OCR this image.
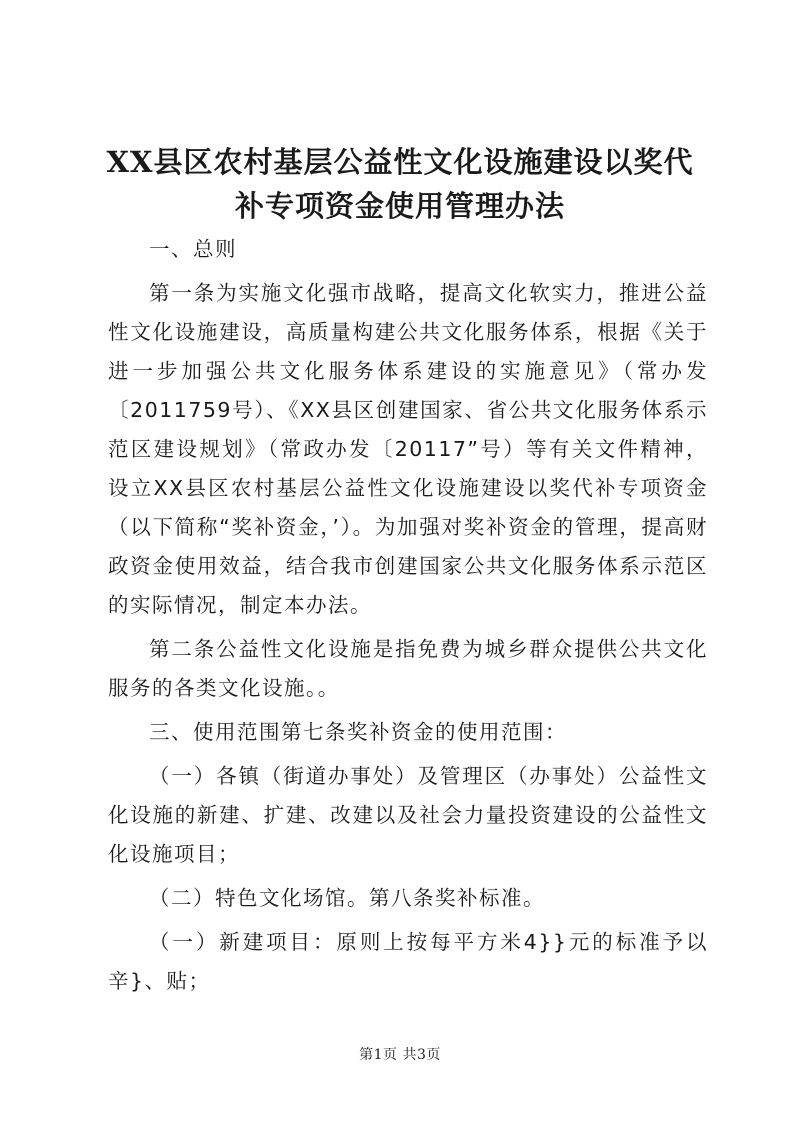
XX县区农村基层公益性文化设施建设以奖代
补专项资金使用管理办法

一、总则

第一条为实施文化强市战略，提高文化软实力，推进公益性文化设施建设，高质量构建公共文化服务体系，根据《关于进一步加强公共文化服务体系建设的实施意见》（常办发〔2011759号）、《XX县区创建国家、省公共文化服务体系示范区建设规划》（常政办发〔20117”号）等有关文件精神，设立XX县区农村基层公益性文化设施建设以奖代补专项资金（以下简称“奖补资金，’）。为加强对奖补资金的管理，提高财政资金使用效益，结合我市创建国家公共文化服务体系示范区的实际情况，制定本办法。

第二条公益性文化设施是指免费为城乡群众提供公共文化服务的各类文化设施。。

三、使用范围第七条奖补资金的使用范围：

（一）各镇（街道办事处）及管理区（办事处）公益性文化设施的新建、扩建、改建以及社会力量投资建设的公益性文化设施项目；

（二）特色文化场馆。第八条奖补标准。

（一）新建项目：原则上按每平方米4}}元的标准予以辛}、贴；

第1页 共3页
